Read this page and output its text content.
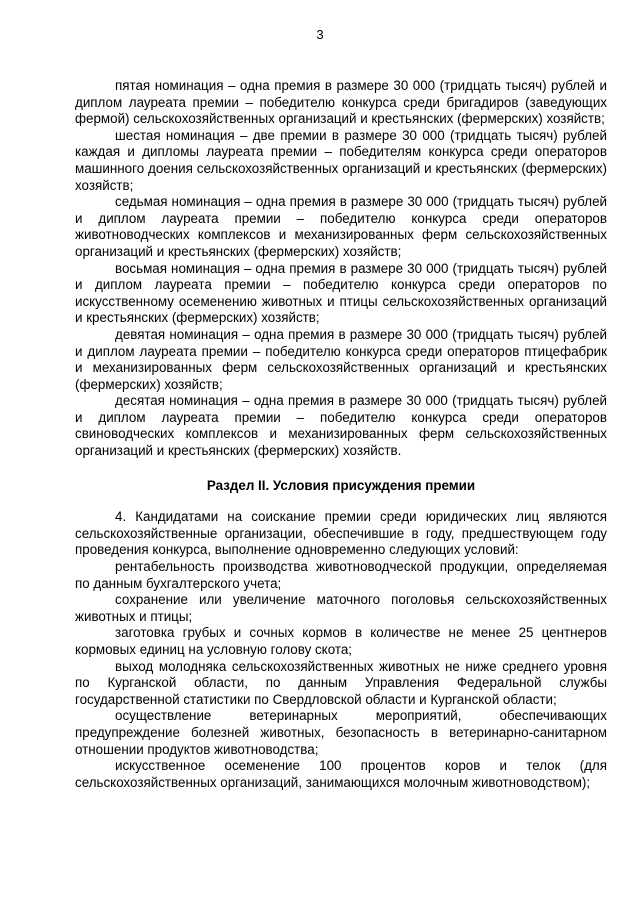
3

пятая номинация – одна премия в размере 30 000 (тридцать тысяч) рублей и диплом лауреата премии – победителю конкурса среди бригадиров (заведующих фермой) сельскохозяйственных организаций и крестьянских (фермерских) хозяйств;

шестая номинация – две премии в размере 30 000 (тридцать тысяч) рублей каждая и дипломы лауреата премии – победителям конкурса среди операторов машинного доения сельскохозяйственных организаций и крестьянских (фермерских) хозяйств;

седьмая номинация – одна премия в размере 30 000 (тридцать тысяч) рублей и диплом лауреата премии – победителю конкурса среди операторов животноводческих комплексов и механизированных ферм сельскохозяйственных организаций и крестьянских (фермерских) хозяйств;

восьмая номинация – одна премия в размере 30 000 (тридцать тысяч) рублей и диплом лауреата премии – победителю конкурса среди операторов по искусственному осеменению животных и птицы сельскохозяйственных организаций и крестьянских (фермерских) хозяйств;

девятая номинация – одна премия в размере 30 000 (тридцать тысяч) рублей и диплом лауреата премии – победителю конкурса среди операторов птицефабрик и механизированных ферм сельскохозяйственных организаций и крестьянских (фермерских) хозяйств;

десятая номинация – одна премия в размере 30 000 (тридцать тысяч) рублей и диплом лауреата премии – победителю конкурса среди операторов свиноводческих комплексов и механизированных ферм сельскохозяйственных организаций и крестьянских (фермерских) хозяйств.

Раздел II. Условия присуждения премии

4. Кандидатами на соискание премии среди юридических лиц являются сельскохозяйственные организации, обеспечившие в году, предшествующем году проведения конкурса, выполнение одновременно следующих условий:

рентабельность производства животноводческой продукции, определяемая по данным бухгалтерского учета;

сохранение или увеличение маточного поголовья сельскохозяйственных животных и птицы;

заготовка грубых и сочных кормов в количестве не менее 25 центнеров кормовых единиц на условную голову скота;

выход молодняка сельскохозяйственных животных не ниже среднего уровня по Курганской области, по данным Управления Федеральной службы государственной статистики по Свердловской области и Курганской области;

осуществление ветеринарных мероприятий, обеспечивающих предупреждение болезней животных, безопасность в ветеринарно-санитарном отношении продуктов животноводства;

искусственное осеменение 100 процентов коров и телок (для сельскохозяйственных организаций, занимающихся молочным животноводством);
